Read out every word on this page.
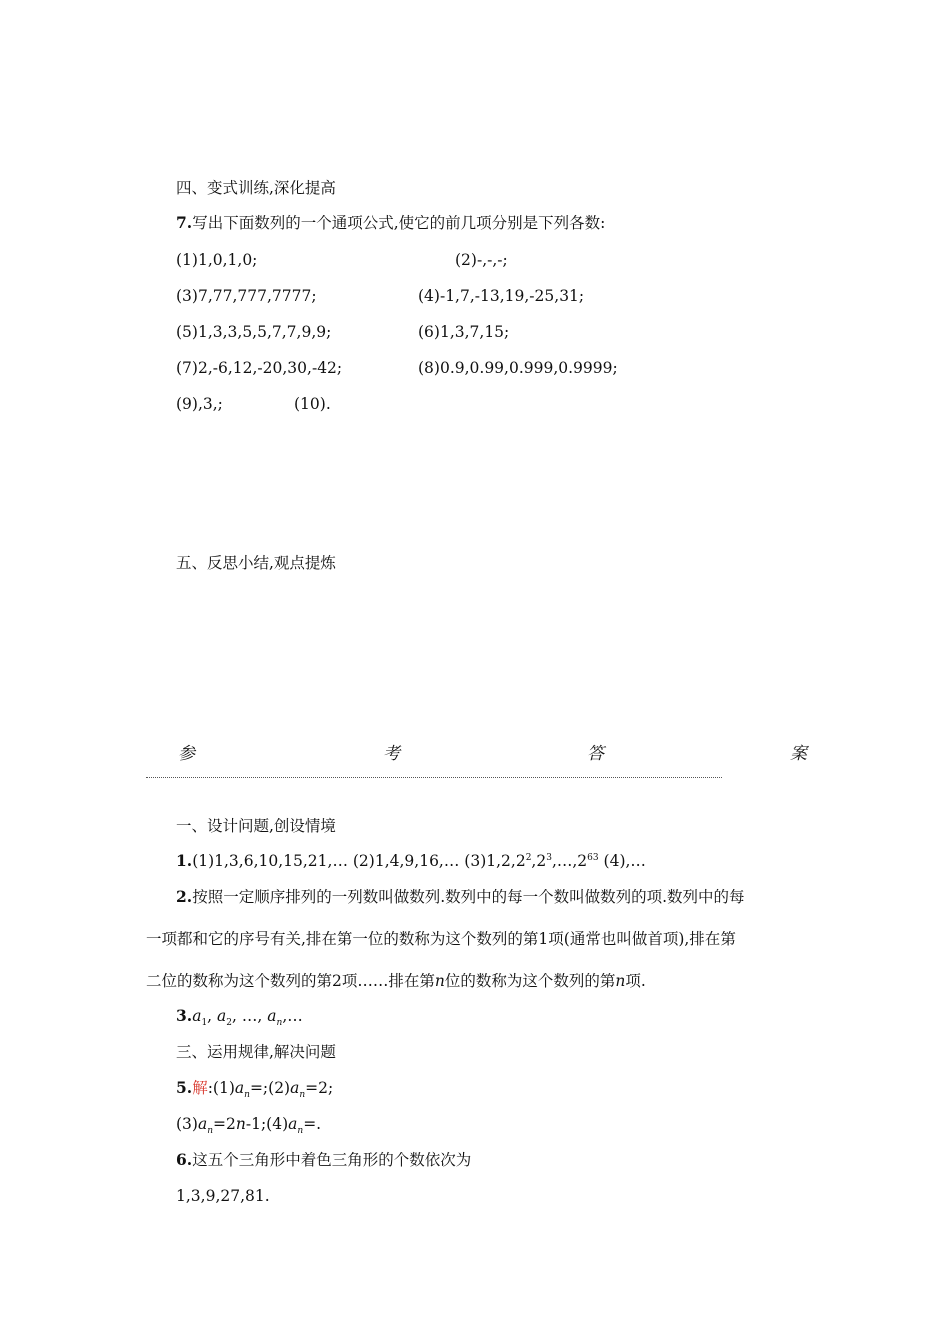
四、变式训练,深化提高
7.写出下面数列的一个通项公式,使它的前几项分别是下列各数:
(1)1,0,1,0;	(2)-,-,-;
(3)7,77,777,7777;	(4)-1,7,-13,19,-25,31;
(5)1,3,3,5,5,7,7,9,9;	(6)1,3,7,15;
(7)2,-6,12,-20,30,-42;	(8)0.9,0.99,0.999,0.9999;
(9),3,;	(10).
五、反思小结,观点提炼
参	考	答	案
一、设计问题,创设情境
1.(1)1,3,6,10,15,21,… (2)1,4,9,16,… $(3)1,2,2^2,2^3,\dots,2^{63}$ (4),…
2.按照一定顺序排列的一列数叫做数列.数列中的每一个数叫做数列的项.数列中的每
一项都和它的序号有关,排在第一位的数称为这个数列的第1项(通常也叫做首项),排在第
二位的数称为这个数列的第2项……排在第n位的数称为这个数列的第n项.
$3.a_1$, $a_2$, …, $a_n,\dots$
三、运用规律,解决问题
5.解$:(1)a_n=;(2)a_n=2$;
$(3)a_n=2n-1;(4)a_n=$.
6.这五个三角形中着色三角形的个数依次为
1,3,9,27,81.
